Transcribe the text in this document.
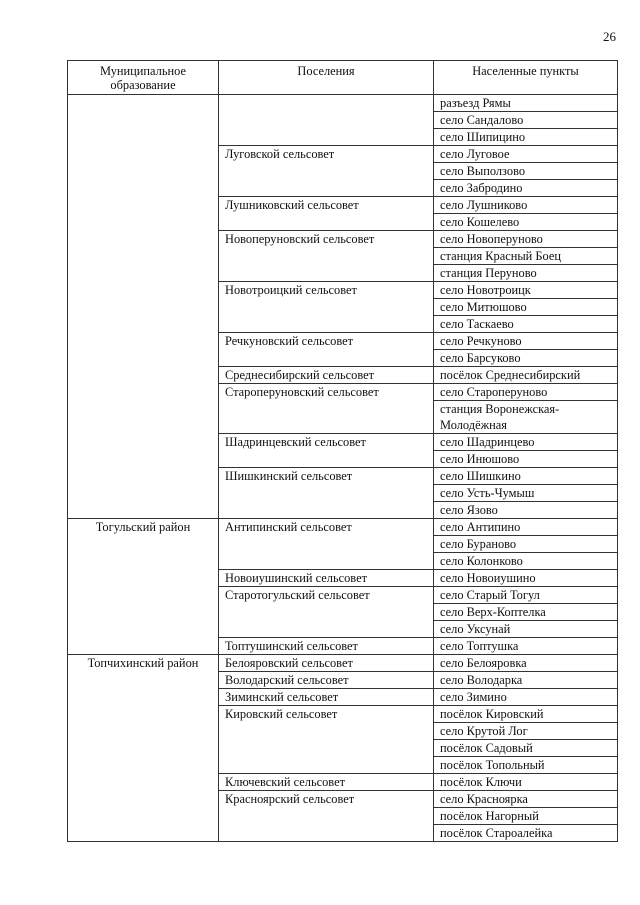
26
Муниципальное образование	Поселения	Населенные пункты
		разъезд Рямы
		село Сандалово
		село Шипицино
	Луговской сельсовет	село Луговое
		село Выползово
		село Забродино
	Лушниковский сельсовет	село Лушниково
		село Кошелево
	Новоперуновский сельсовет	село Новоперуново
		станция Красный Боец
		станция Перуново
	Новотроицкий сельсовет	село Новотроицк
		село Митюшово
		село Таскаево
	Речкуновский сельсовет	село Речкуново
		село Барсуково
	Среднесибирский сельсовет	посёлок Среднесибирский
	Староперуновский сельсовет	село Староперуново
		станция Воронежская-Молодёжная
	Шадринцевский сельсовет	село Шадринцево
		село Инюшово
	Шишкинский сельсовет	село Шишкино
		село Усть-Чумыш
		село Язово
Тогульский район	Антипинский сельсовет	село Антипино
		село Бураново
		село Колонково
	Новоиушинский сельсовет	село Новоиушино
	Старотогульский сельсовет	село Старый Тогул
		село Верх-Коптелка
		село Уксунай
	Топтушинский сельсовет	село Топтушка
Топчихинский район	Белояровский сельсовет	село Белояровка
	Володарский сельсовет	село Володарка
	Зиминский сельсовет	село Зимино
	Кировский сельсовет	посёлок Кировский
		село Крутой Лог
		посёлок Садовый
		посёлок Топольный
	Ключевский сельсовет	посёлок Ключи
	Красноярский сельсовет	село Красноярка
		посёлок Нагорный
		посёлок Староалейка
